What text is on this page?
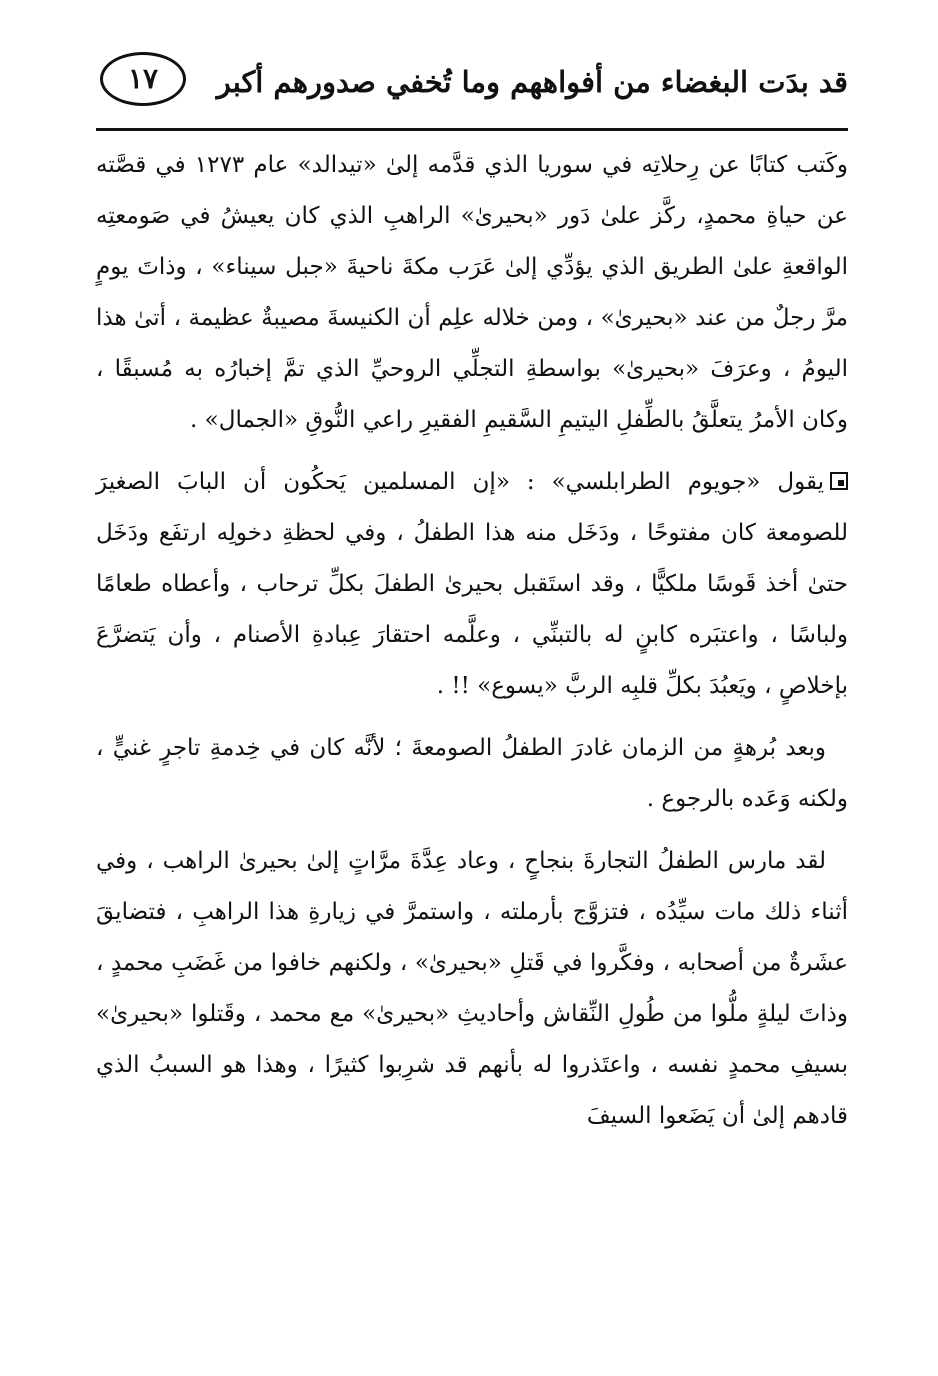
قد بدَت البغضاء من أفواههم وما تُخفي صدورهم أكبر
١٧

وكَتب كتابًا عن رِحلاتِه في سوريا الذي قدَّمه إلىٰ «تيدالد» عام ١٢٧٣ في قصَّته عن حياةِ محمدٍ، ركَّز علىٰ دَور «بحيرىٰ» الراهبِ الذي كان يعيشُ في صَومعتِه الواقعةِ علىٰ الطريق الذي يؤدِّي إلىٰ عَرَب مكةَ ناحيةَ «جبل سيناء» ، وذاتَ يومٍ مرَّ رجلٌ من عند «بحيرىٰ» ، ومن خلاله علِم أن الكنيسةَ مصيبةٌ عظيمة ، أتىٰ هذا اليومُ ، وعرَفَ «بحيرىٰ» بواسطةِ التجلِّي الروحيِّ الذي تمَّ إخبارُه به مُسبقًا ، وكان الأمرُ يتعلَّقُ بالطِّفلِ اليتيمِ السَّقيمِ الفقيرِ راعي النُّوقِ «الجمال» .

يقول «جويوم الطرابلسي» : «إن المسلمين يَحكُون أن البابَ الصغيرَ للصومعة كان مفتوحًا ، ودَخَل منه هذا الطفلُ ، وفي لحظةِ دخولِه ارتفَع ودَخَل حتىٰ أخذ قَوسًا ملكيًّا ، وقد استَقبل بحيرىٰ الطفلَ بكلِّ ترحاب ، وأعطاه طعامًا ولباسًا ، واعتبَره كابنٍ له بالتبنِّي ، وعلَّمه احتقارَ عِبادةِ الأصنام ، وأن يَتضرَّعَ بإخلاصٍ ، ويَعبُدَ بكلِّ قلبِه الربَّ «يسوع» !! .

وبعد بُرهةٍ من الزمان غادرَ الطفلُ الصومعةَ ؛ لأنَّه كان في خِدمةِ تاجرٍ غنيٍّ ، ولكنه وَعَده بالرجوع .

لقد مارس الطفلُ التجارةَ بنجاحٍ ، وعاد عِدَّةَ مرَّاتٍ إلىٰ بحيرىٰ الراهب ، وفي أثناء ذلك مات سيِّدُه ، فتزوَّج بأرملته ، واستمرَّ في زيارةِ هذا الراهبِ ، فتضايقَ عشَرةٌ من أصحابه ، وفكَّروا في قَتلِ «بحيرىٰ» ، ولكنهم خافوا من غَضَبِ محمدٍ ، وذاتَ ليلةٍ ملُّوا من طُولِ النِّقاش وأحاديثِ «بحيرىٰ» مع محمد ، وقَتلوا «بحيرىٰ» بسيفِ محمدٍ نفسه ، واعتَذروا له بأنهم قد شرِبوا كثيرًا ، وهذا هو السببُ الذي قادهم إلىٰ أن يَضَعوا السيفَ
